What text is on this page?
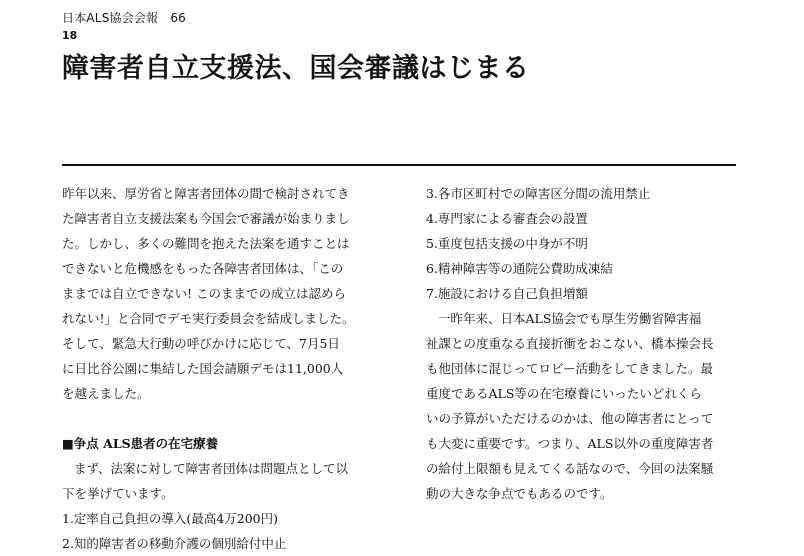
日本ALS協会会報 66
18
障害者自立支援法、国会審議はじまる

昨年以来、厚労省と障害者団体の間で検討されてき

た障害者自立支援法案も今国会で審議が始まりまし

た。しかし、多くの難問を抱えた法案を通すことは

できないと危機感をもった各障害者団体は、「この

ままでは自立できない! このままでの成立は認めら

れない!」と合同でデモ実行委員会を結成しました。

そして、緊急大行動の呼びかけに応じて、7月5日

に日比谷公園に集結した国会請願デモは11,000人

を越えました。

■争点 ALS患者の在宅療養

まず、法案に対して障害者団体は問題点として以

下を挙げています。

1.定率自己負担の導入(最高4万200円)

2.知的障害者の移動介護の個別給付中止

3.各市区町村での障害区分間の流用禁止

4.専門家による審査会の設置

5.重度包括支援の中身が不明

6.精神障害等の通院公費助成凍結

7.施設における自己負担増額

一昨年来、日本ALS協会でも厚生労働省障害福

祉課との度重なる直接折衝をおこない、橋本操会長

も他団体に混じってロビー活動をしてきました。最

重度であるALS等の在宅療養にいったいどれくら

いの予算がいただけるのかは、他の障害者にとって

も大変に重要です。つまり、ALS以外の重度障害者

の給付上限額も見えてくる話なので、今回の法案騒

動の大きな争点でもあるのです。
